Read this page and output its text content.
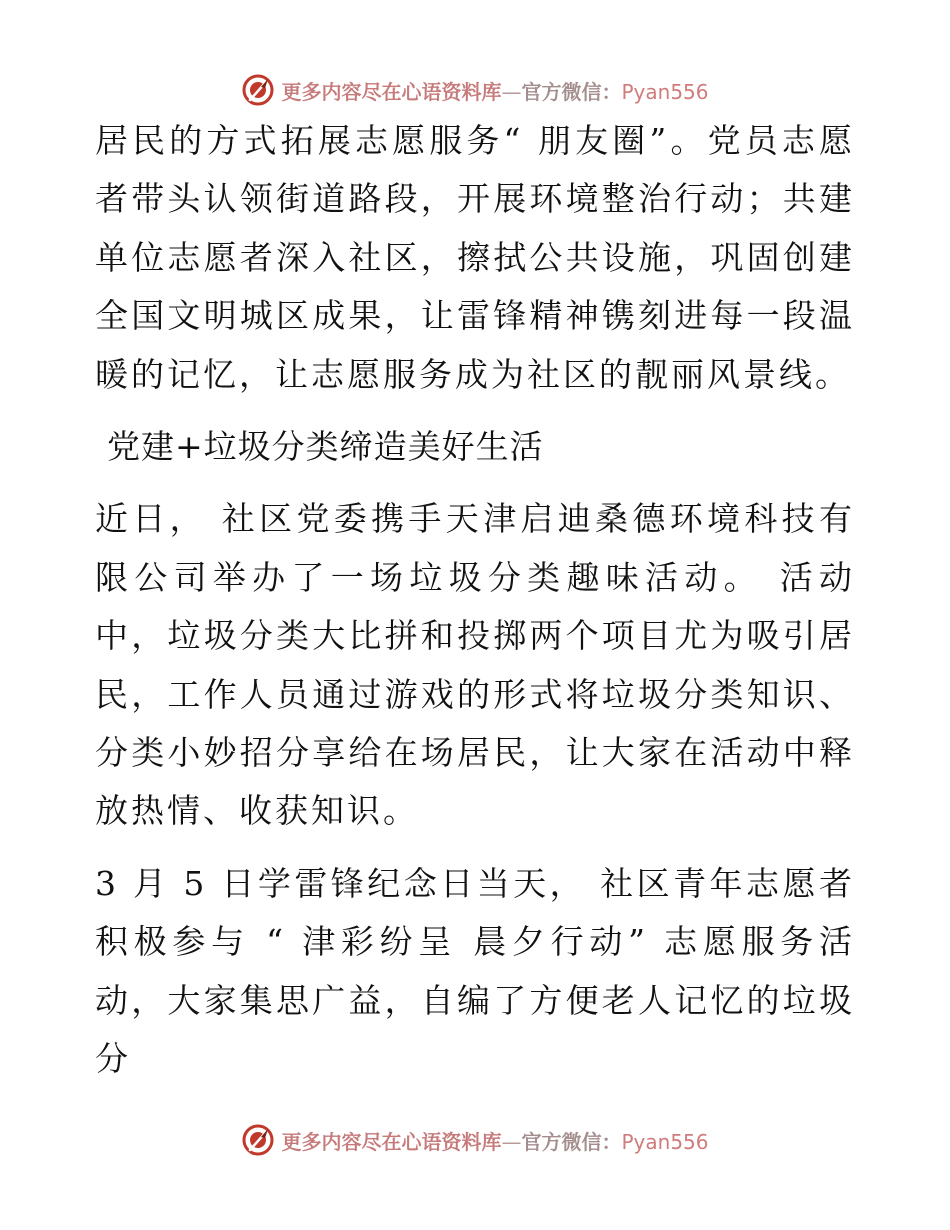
更多内容尽在心语资料库—官方微信：Pyan556

居民的方式拓展志愿服务“ 朋友圈”。党员志愿者带头认领街道路段，开展环境整治行动；共建单位志愿者深入社区，擦拭公共设施，巩固创建全国文明城区成果，让雷锋精神镌刻进每一段温暖的记忆，让志愿服务成为社区的靓丽风景线。

党建+垃圾分类缔造美好生活

近日， 社区党委携手天津启迪桑德环境科技有限公司举办了一场垃圾分类趣味活动。 活动中，垃圾分类大比拼和投掷两个项目尤为吸引居民，工作人员通过游戏的形式将垃圾分类知识、分类小妙招分享给在场居民，让大家在活动中释放热情、收获知识。

3 月 5 日学雷锋纪念日当天， 社区青年志愿者积极参与 “ 津彩纷呈 晨夕行动” 志愿服务活动，大家集思广益，自编了方便老人记忆的垃圾分

更多内容尽在心语资料库—官方微信：Pyan556
